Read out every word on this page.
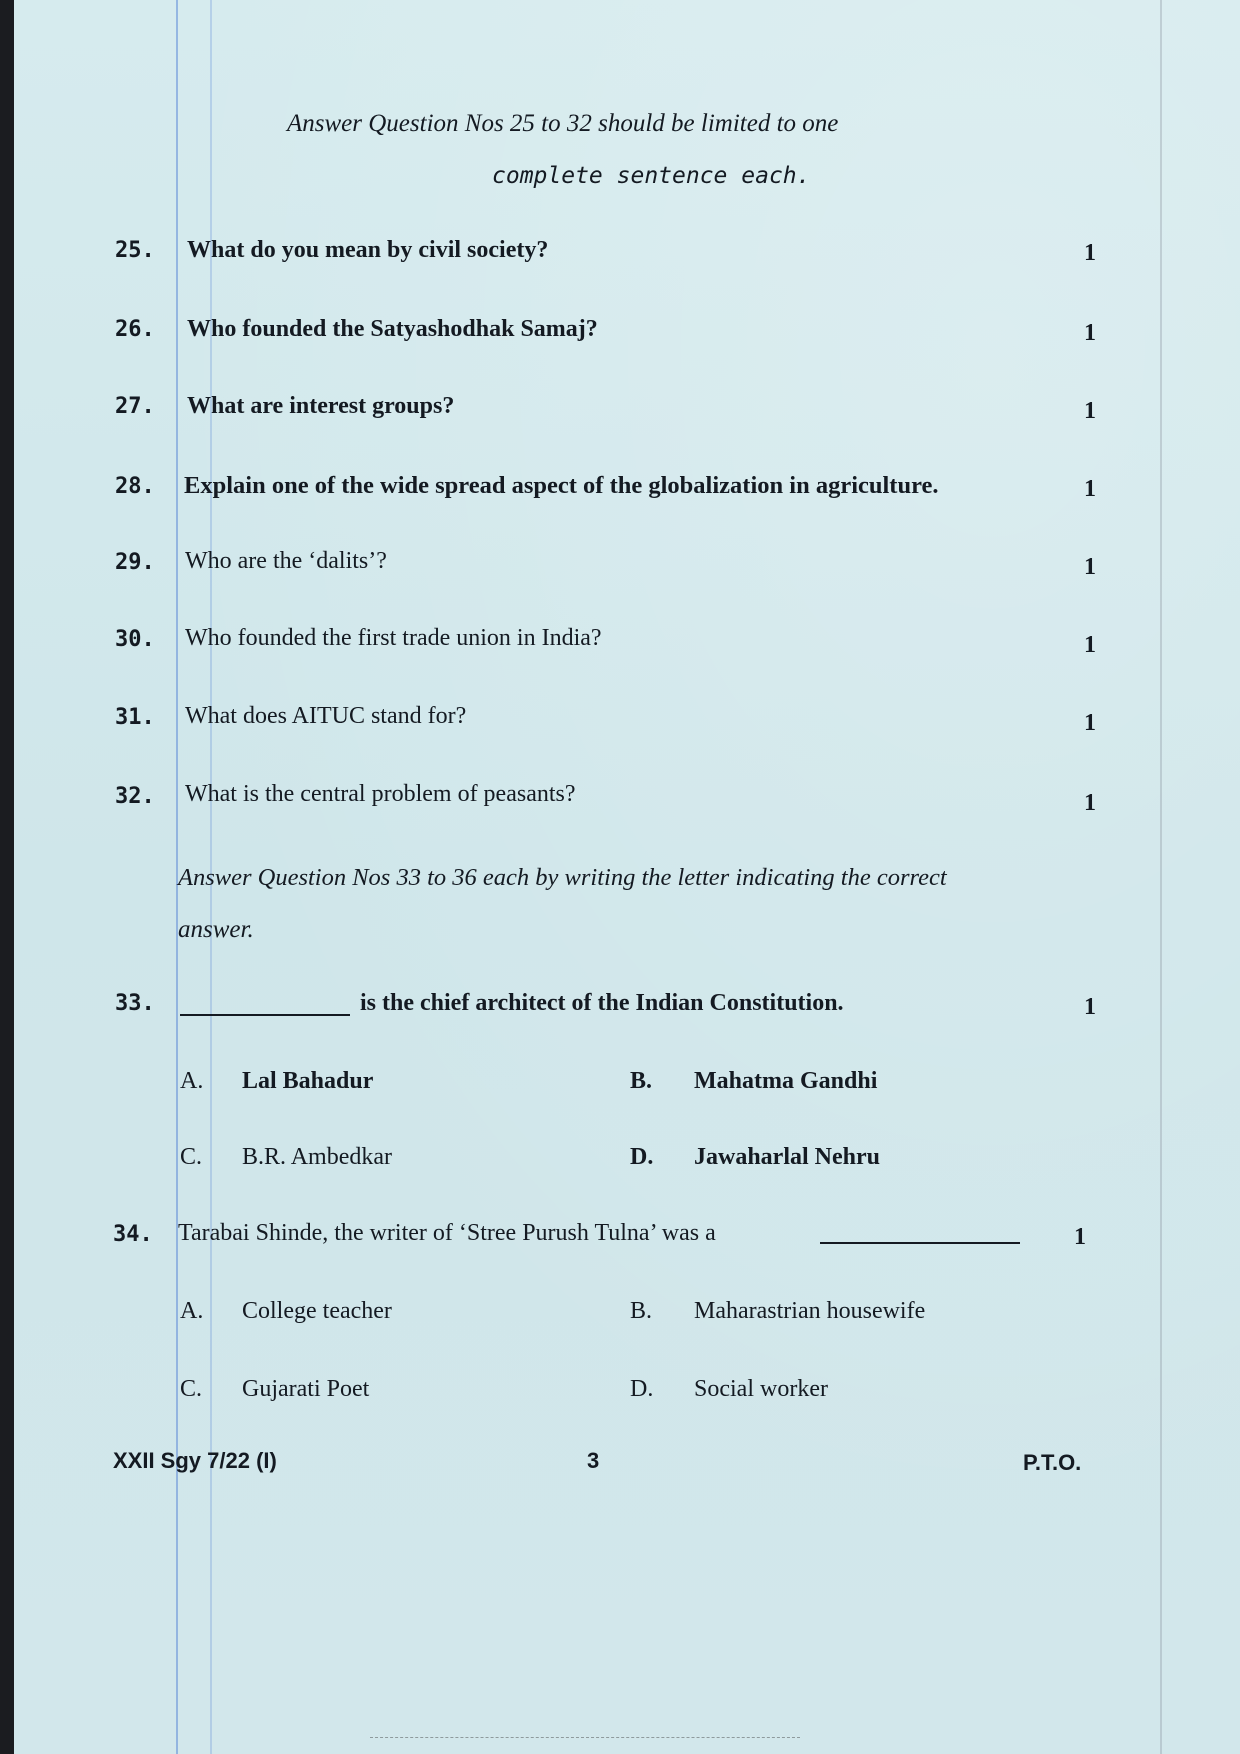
Answer Question Nos 25 to 32 should be limited to one
complete sentence each.
25. What do you mean by civil society?	1
26. Who founded the Satyashodhak Samaj?	1
27. What are interest groups?	1
28. Explain one of the wide spread aspect of the globalization in agriculture.	1
29. Who are the ‘dalits’?	1
30. Who founded the first trade union in India?	1
31. What does AITUC stand for?	1
32. What is the central problem of peasants?	1
Answer Question Nos 33 to 36 each by writing the letter indicating the correct
answer.
33.	is the chief architect of the Indian Constitution.	1
A. Lal Bahadur	B. Mahatma Gandhi
C. B.R. Ambedkar	D. Jawaharlal Nehru
34. Tarabai Shinde, the writer of ‘Stree Purush Tulna’ was a	1
A. College teacher	B. Maharastrian housewife
C. Gujarati Poet	D. Social worker
XXII Sgy 7/22 (I)	3	P.T.O.
